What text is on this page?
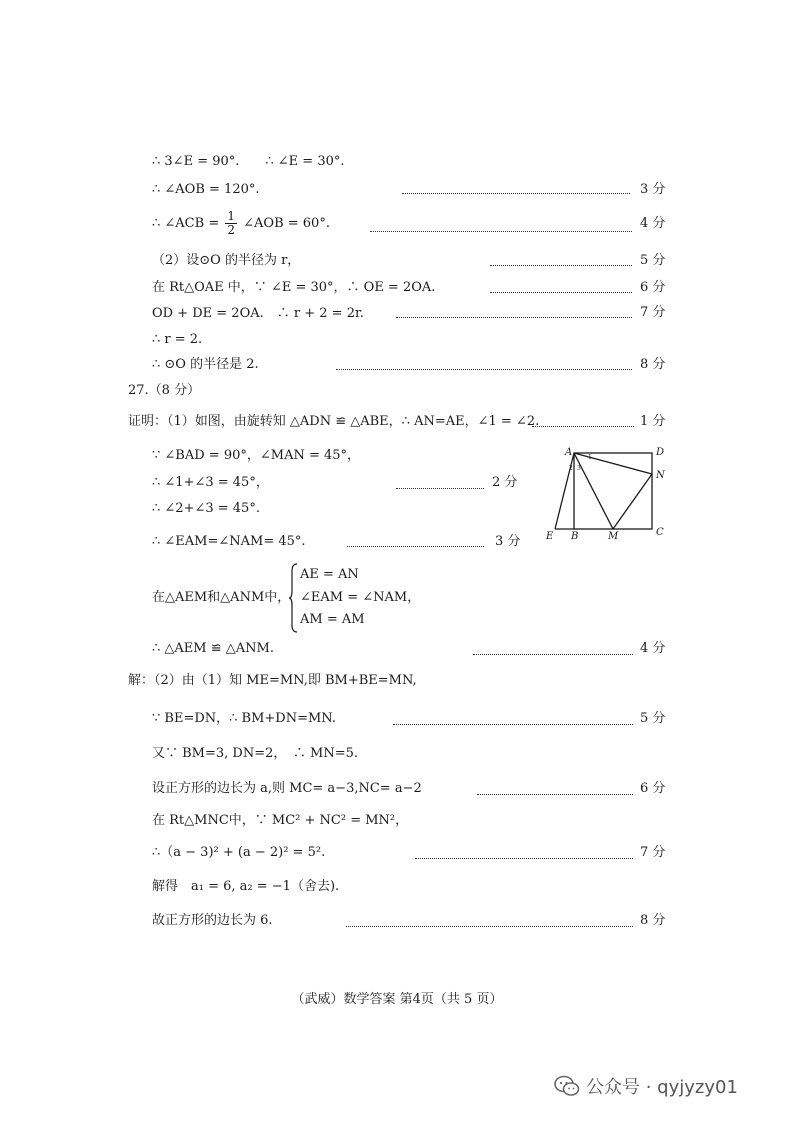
∴ 3∠E = 90°.　　∴ ∠E = 30°.
∴ ∠AOB = 120°.	3 分
∴ ∠ACB = $\frac{1}{2}$ ∠AOB = 60°.	4 分
（2）设⊙O 的半径为 r，	5 分
在 Rt△OAE 中，∵ ∠E = 30°，∴ OE = 2OA.	6 分
OD + DE = 2OA.　∴ r + 2 = 2r.	7 分
∴ r = 2.
∴ ⊙O 的半径是 2.	8 分
27.（8 分）
证明：（1）如图，由旋转知 △ADN ≌ △ABE，∴ AN=AE，∠1 = ∠2.	1 分
∵ ∠BAD = 90°，∠MAN = 45°，
∴ ∠1+∠3 = 45°，	2 分
∴ ∠2+∠3 = 45°.
∴ ∠EAM=∠NAM= 45°.	3 分
A	D
N
C
M
B
E
1
2 3
在△AEM和△ANM中，
AE = AN
∠EAM = ∠NAM，
AM = AM
∴ △AEM ≌ △ANM.	4 分
解：（2）由（1）知 ME=MN,即 BM+BE=MN,
∵ BE=DN，∴ BM+DN=MN.	5 分
又∵ BM=3, DN=2，　∴ MN=5.
设正方形的边长为 a,则 MC= a−3,NC= a−2	6 分
在 Rt△MNC中，∵ MC² + NC² = MN²，
∴（a − 3)² + (a − 2)² = 5².	7 分
解得　a₁ = 6, a₂ = −1（舍去).
故正方形的边长为 6.	8 分
（武威）数学答案 第4页（共 5 页）
公众号 · qyjyzy01
